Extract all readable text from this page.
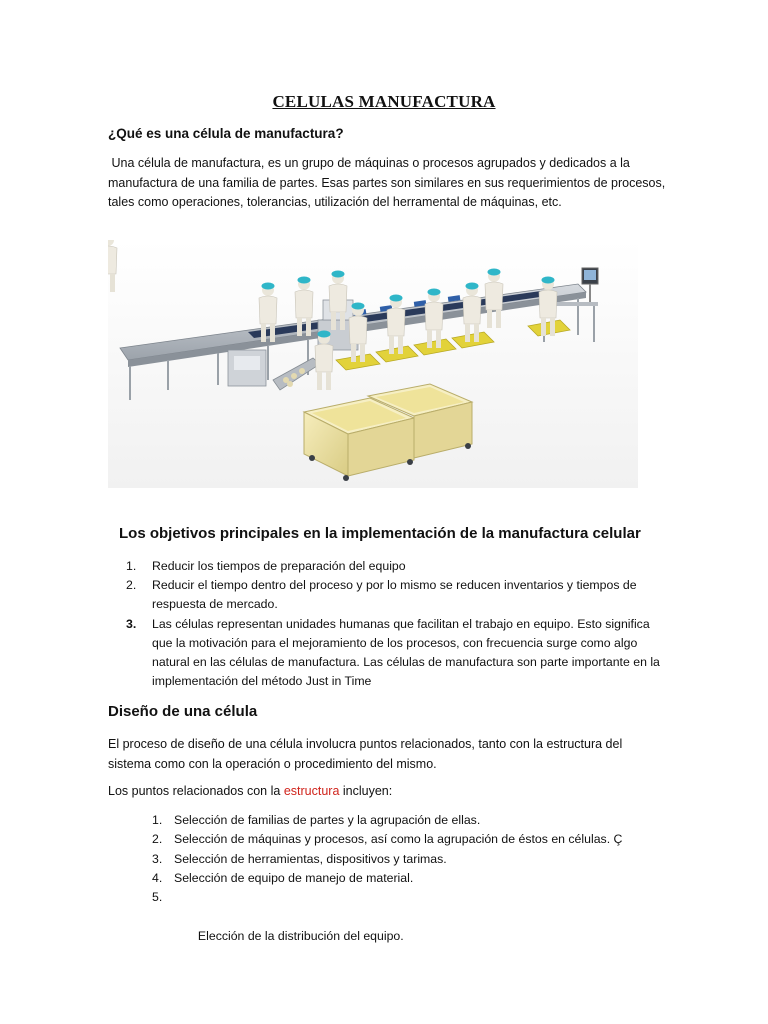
CELULAS MANUFACTURA
¿Qué es una célula de manufactura?
Una célula de manufactura, es un grupo de máquinas o procesos agrupados y dedicados a la manufactura de una familia de partes. Esas partes son similares en sus requerimientos de procesos, tales como operaciones, tolerancias, utilización del herramental de máquinas, etc.
Los objetivos principales en la implementación de la manufactura celular
1. Reducir los tiempos de preparación del equipo
2. Reducir el tiempo dentro del proceso y por lo mismo se reducen inventarios y tiempos de respuesta de mercado.
3. Las células representan unidades humanas que facilitan el trabajo en equipo. Esto significa que la motivación para el mejoramiento de los procesos, con frecuencia surge como algo natural en las células de manufactura. Las células de manufactura son parte importante en la implementación del método Just in Time
Diseño de una célula
El proceso de diseño de una célula involucra puntos relacionados, tanto con la estructura del sistema como con la operación o procedimiento del mismo.
Los puntos relacionados con la estructura incluyen:
1. Selección de familias de partes y la agrupación de ellas.
2. Selección de máquinas y procesos, así como la agrupación de éstos en células. Ç
3. Selección de herramientas, dispositivos y tarimas.
4. Selección de equipo de manejo de material.

5.

Elección de la distribución del equipo.
